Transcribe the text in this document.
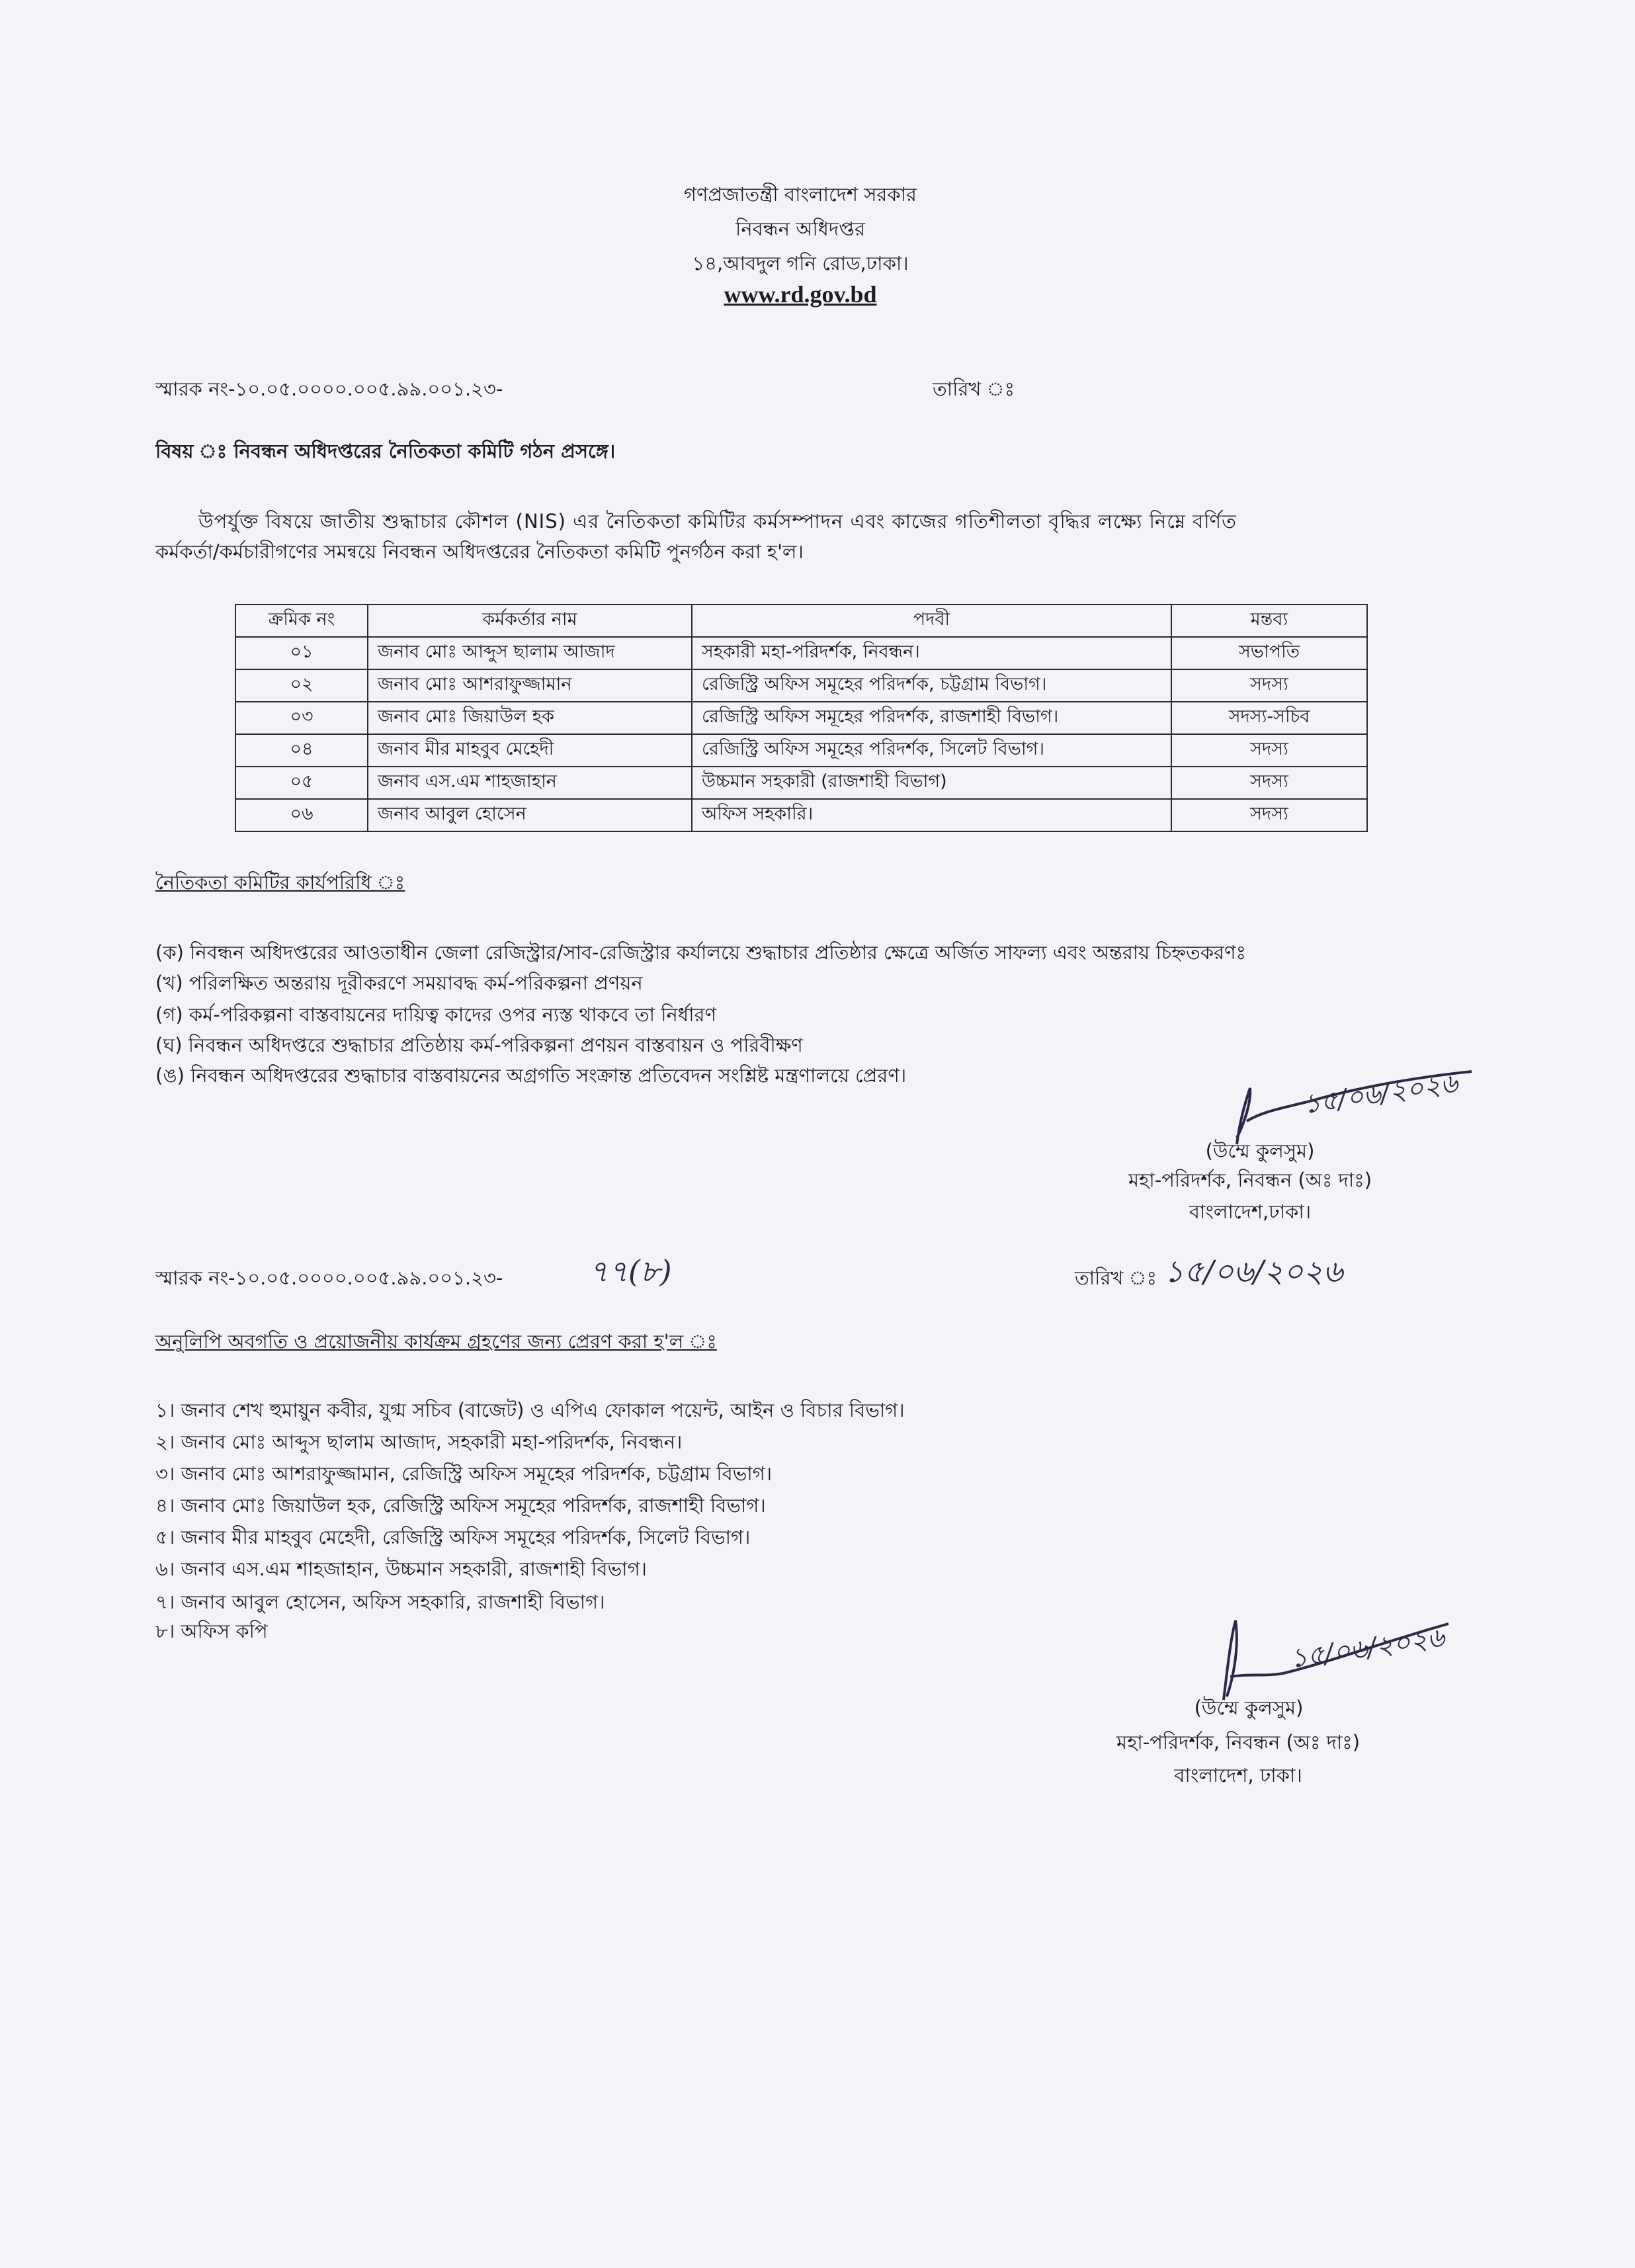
গণপ্রজাতন্ত্রী বাংলাদেশ সরকার
নিবন্ধন অধিদপ্তর
১৪,আবদুল গনি রোড,ঢাকা।
www.rd.gov.bd
স্মারক নং-১০.০৫.০০০০.০০৫.৯৯.০০১.২৩-	তারিখ ঃ
বিষয় ঃ নিবন্ধন অধিদপ্তরের নৈতিকতা কমিটি গঠন প্রসঙ্গে।
উপর্যুক্ত বিষয়ে জাতীয় শুদ্ধাচার কৌশল (NIS) এর নৈতিকতা কমিটির কর্মসম্পাদন এবং কাজের গতিশীলতা বৃদ্ধির লক্ষ্যে নিম্নে বর্ণিত
কর্মকর্তা/কর্মচারীগণের সমন্বয়ে নিবন্ধন অধিদপ্তরের নৈতিকতা কমিটি পুনর্গঠন করা হ'ল।
ক্রমিক নং	কর্মকর্তার নাম	পদবী	মন্তব্য
০১	জনাব মোঃ আব্দুস ছালাম আজাদ	সহকারী মহা-পরিদর্শক, নিবন্ধন।	সভাপতি
০২	জনাব মোঃ আশরাফুজ্জামান	রেজিস্ট্রি অফিস সমূহের পরিদর্শক, চট্টগ্রাম বিভাগ।	সদস্য
০৩	জনাব মোঃ জিয়াউল হক	রেজিস্ট্রি অফিস সমূহের পরিদর্শক, রাজশাহী বিভাগ।	সদস্য-সচিব
০৪	জনাব মীর মাহবুব মেহেদী	রেজিস্ট্রি অফিস সমূহের পরিদর্শক, সিলেট বিভাগ।	সদস্য
০৫	জনাব এস.এম শাহজাহান	উচ্চমান সহকারী (রাজশাহী বিভাগ)	সদস্য
০৬	জনাব আবুল হোসেন	অফিস সহকারি।	সদস্য
নৈতিকতা কমিটির কার্যপরিধি ঃ
(ক) নিবন্ধন অধিদপ্তরের আওতাধীন জেলা রেজিস্ট্রার/সাব-রেজিস্ট্রার কর্যালয়ে শুদ্ধাচার প্রতিষ্ঠার ক্ষেত্রে অর্জিত সাফল্য এবং অন্তরায় চিহ্নতকরণঃ
(খ) পরিলক্ষিত অন্তরায় দূরীকরণে সময়াবদ্ধ কর্ম-পরিকল্পনা প্রণয়ন
(গ) কর্ম-পরিকল্পনা বাস্তবায়নের দায়িত্ব কাদের ওপর ন্যস্ত থাকবে তা নির্ধারণ
(ঘ) নিবন্ধন অধিদপ্তরে শুদ্ধাচার প্রতিষ্ঠায় কর্ম-পরিকল্পনা প্রণয়ন বাস্তবায়ন ও পরিবীক্ষণ
(ঙ) নিবন্ধন অধিদপ্তরের শুদ্ধাচার বাস্তবায়নের অগ্রগতি সংক্রান্ত প্রতিবেদন সংশ্লিষ্ট মন্ত্রণালয়ে প্রেরণ।	১৫/০৬/২০২৬
(উম্মে কুলসুম)
মহা-পরিদর্শক, নিবন্ধন (অঃ দাঃ)
বাংলাদেশ,ঢাকা।
স্মারক নং-১০.০৫.০০০০.০০৫.৯৯.০০১.২৩-	৭৭(৮)	তারিখ ঃ ১৫/০৬/২০২৬
অনুলিপি অবগতি ও প্রয়োজনীয় কার্যক্রম গ্রহণের জন্য প্রেরণ করা হ'ল ঃ
১। জনাব শেখ হুমায়ুন কবীর, যুগ্ম সচিব (বাজেট) ও এপিএ ফোকাল পয়েন্ট, আইন ও বিচার বিভাগ।
২। জনাব মোঃ আব্দুস ছালাম আজাদ, সহকারী মহা-পরিদর্শক, নিবন্ধন।
৩। জনাব মোঃ আশরাফুজ্জামান, রেজিস্ট্রি অফিস সমূহের পরিদর্শক, চট্টগ্রাম বিভাগ।
৪। জনাব মোঃ জিয়াউল হক, রেজিস্ট্রি অফিস সমূহের পরিদর্শক, রাজশাহী বিভাগ।
৫। জনাব মীর মাহবুব মেহেদী, রেজিস্ট্রি অফিস সমূহের পরিদর্শক, সিলেট বিভাগ।
৬। জনাব এস.এম শাহজাহান, উচ্চমান সহকারী, রাজশাহী বিভাগ।
৭। জনাব আবুল হোসেন, অফিস সহকারি, রাজশাহী বিভাগ।
৮। অফিস কপি	১৫/০৬/২০২৬
(উম্মে কুলসুম)
মহা-পরিদর্শক, নিবন্ধন (অঃ দাঃ)
বাংলাদেশ, ঢাকা।
